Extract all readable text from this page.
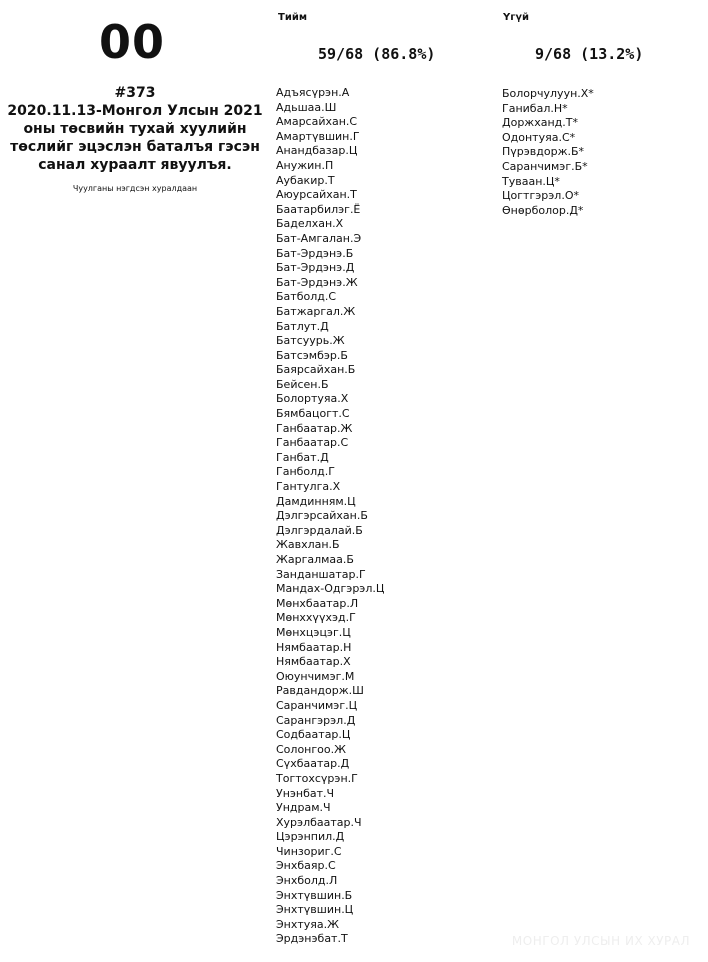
00
#373
2020.11.13-Монгол Улсын 2021 оны төсвийн тухай хуулийн төслийг эцэслэн баталъя гэсэн санал хураалт явуулъя.
Чуулганы нэгдсэн хуралдаан
Тийм	Үгүй
59/68 (86.8%)	9/68 (13.2%)
Адъясүрэн.А
Адьшаа.Ш
Амарсайхан.С
Амартүвшин.Г
Анандбазар.Ц
Анужин.П
Аубакир.Т
Аюурсайхан.Т
Баатарбилэг.Ё
Баделхан.Х
Бат-Амгалан.Э
Бат-Эрдэнэ.Б
Бат-Эрдэнэ.Д
Бат-Эрдэнэ.Ж
Батболд.С
Батжаргал.Ж
Батлут.Д
Батсуурь.Ж
Батсэмбэр.Б
Баярсайхан.Б
Бейсен.Б
Болортуяа.Х
Бямбацогт.С
Ганбаатар.Ж
Ганбаатар.С
Ганбат.Д
Ганболд.Г
Гантулга.Х
Дамдинням.Ц
Дэлгэрсайхан.Б
Дэлгэрдалай.Б
Жавхлан.Б
Жаргалмаа.Б
Занданшатар.Г
Мандах-Одгэрэл.Ц
Мөнхбаатар.Л
Мөнххүүхэд.Г
Мөнхцэцэг.Ц
Нямбаатар.Н
Нямбаатар.Х
Оюунчимэг.М
Равдандорж.Ш
Саранчимэг.Ц
Сарангэрэл.Д
Содбаатар.Ц
Солонгоо.Ж
Сүхбаатар.Д
Тогтохсүрэн.Г
Унэнбат.Ч
Ундрам.Ч
Хурэлбаатар.Ч
Цэрэнпил.Д
Чинзориг.С
Энхбаяр.С
Энхболд.Л
Энхтүвшин.Б
Энхтүвшин.Ц
Энхтуяа.Ж
Эрдэнэбат.Т
Болорчулуун.Х*
Ганибал.Н*
Доржханд.Т*
Одонтуяа.С*
Пүрэвдорж.Б*
Саранчимэг.Б*
Туваан.Ц*
Цогтгэрэл.О*
Өнөрболор.Д*
МОНГОЛ УЛСЫН ИХ ХУРАЛ
